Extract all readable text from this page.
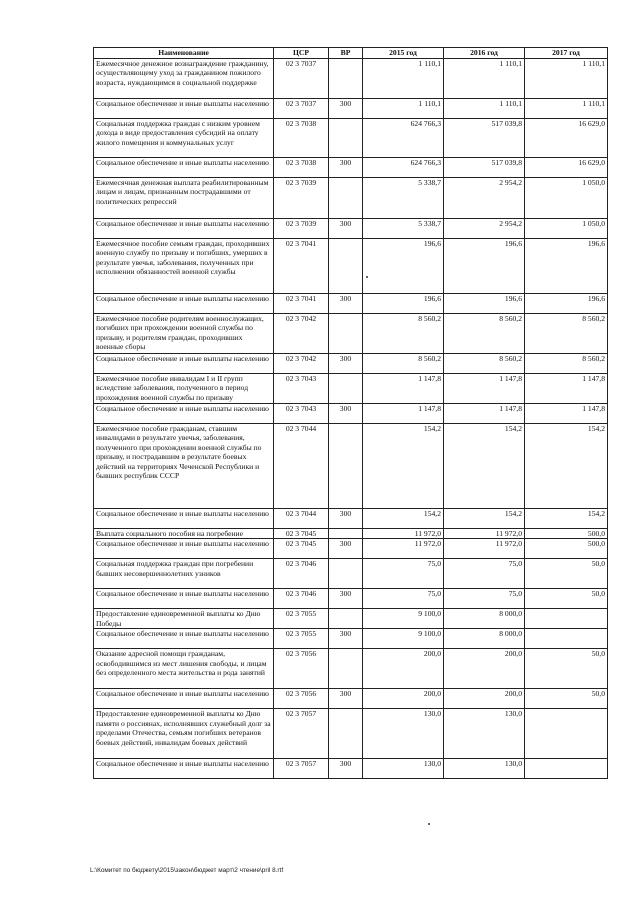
Наименование	ЦСР	ВР	2015 год	2016 год	2017 год
Ежемесячное денежное вознаграждение гражданину, осуществляющему уход за гражданином пожилого возраста, нуждающимся в социальной поддержке	02 3 7037		1 110,1	1 110,1	1 110,1
Социальное обеспечение и иные выплаты населению	02 3 7037	300	1 110,1	1 110,1	1 110,1
Социальная поддержка граждан с низким уровнем дохода в виде предоставления субсидий на оплату жилого помещения и коммунальных услуг	02 3 7038		624 766,3	517 039,8	16 629,0
Социальное обеспечение и иные выплаты населению	02 3 7038	300	624 766,3	517 039,8	16 629,0
Ежемесячная денежная выплата реабилитированным лицам и лицам, признанным пострадавшими от политических репрессий	02 3 7039		5 338,7	2 954,2	1 050,0
Социальное обеспечение и иные выплаты населению	02 3 7039	300	5 338,7	2 954,2	1 050,0
Ежемесячное пособие семьям граждан, проходивших военную службу по призыву и погибших, умерших в результате увечья, заболевания, полученных при исполнении обязанностей военной службы	02 3 7041		196,6	196,6	196,6
Социальное обеспечение и иные выплаты населению	02 3 7041	300	196,6	196,6	196,6
Ежемесячное пособие родителям военнослужащих, погибших при прохождении военной службы по призыву, и родителям граждан, проходивших военные сборы	02 3 7042		8 560,2	8 560,2	8 560,2
Социальное обеспечение и иные выплаты населению	02 3 7042	300	8 560,2	8 560,2	8 560,2
Ежемесячное пособие инвалидам I и II групп вследствие заболевания, полученного в период прохождения военной службы по призыву	02 3 7043		1 147,8	1 147,8	1 147,8
Социальное обеспечение и иные выплаты населению	02 3 7043	300	1 147,8	1 147,8	1 147,8
Ежемесячное пособие гражданам, ставшим инвалидами в результате увечья, заболевания, полученного при прохождении военной службы по призыву, и пострадавшим в результате боевых действий на территориях Чеченской Республики и бывших республик СССР	02 3 7044		154,2	154,2	154,2
Социальное обеспечение и иные выплаты населению	02 3 7044	300	154,2	154,2	154,2
Выплата социального пособия на погребение	02 3 7045		11 972,0	11 972,0	500,0
Социальное обеспечение и иные выплаты населению	02 3 7045	300	11 972,0	11 972,0	500,0
Социальная поддержка граждан при погребении бывших несовершеннолетних узников	02 3 7046		75,0	75,0	50,0
Социальное обеспечение и иные выплаты населению	02 3 7046	300	75,0	75,0	50,0
Предоставление единовременной выплаты ко Дню Победы	02 3 7055		9 100,0	8 000,0	
Социальное обеспечение и иные выплаты населению	02 3 7055	300	9 100,0	8 000,0	
Оказание адресной помощи гражданам, освободившимся из мест лишения свободы, и лицам без определенного места жительства и рода занятий	02 3 7056		200,0	200,0	50,0
Социальное обеспечение и иные выплаты населению	02 3 7056	300	200,0	200,0	50,0
Предоставление единовременной выплаты ко Дню памяти о россиянах, исполнявших служебный долг за пределами Отечества, семьям погибших ветеранов боевых действий, инвалидам боевых действий	02 3 7057		130,0	130,0	
Социальное обеспечение и иные выплаты населению	02 3 7057	300	130,0	130,0	
L:\Комитет по бюджету\2015\закон\бюджет март\2 чтение\pril 8.rtf
